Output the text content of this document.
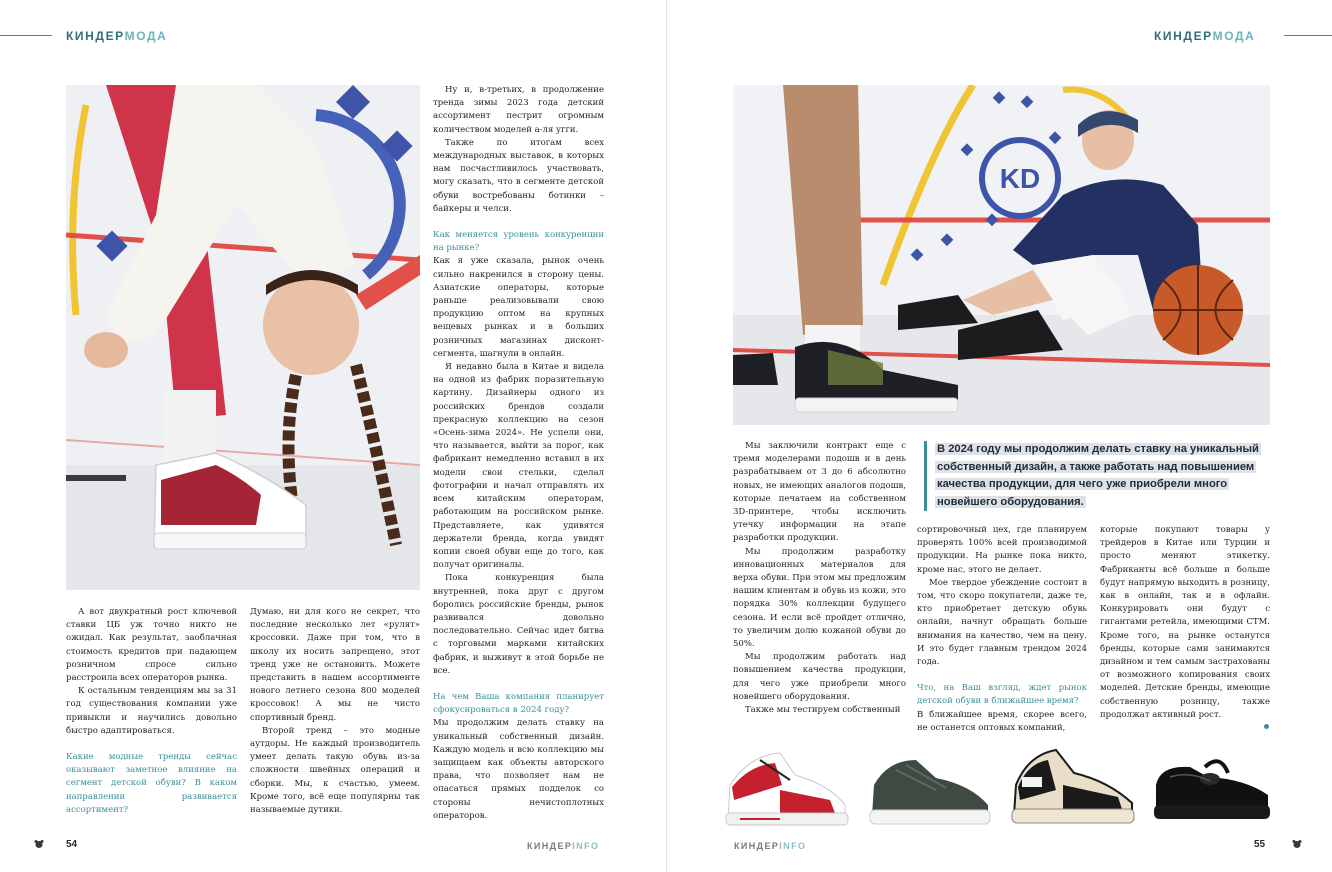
КИНДЕРМОДА

А вот двукратный рост ключевой ставки ЦБ уж точно никто не ожидал. Как результат, заоблачная стоимость кредитов при падающем розничном спросе сильно расстроила всех операторов рынка.

К остальным тенденциям мы за 31 год существования компании уже привыкли и научились довольно быстро адаптироваться.

Какие модные тренды сейчас оказывают заметное влияние на сегмент детской обуви? В каком направлении развивается ассортимент?

Думаю, ни для кого не секрет, что последние несколько лет «рулят» кроссовки. Даже при том, что в школу их носить запрещено, этот тренд уже не остановить. Можете представить в нашем ассортименте нового летнего сезона 800 моделей кроссовок! А мы не чисто спортивный бренд.

Второй тренд – это модные аутдоры. Не каждый производитель умеет делать такую обувь из-за сложности швейных операций и сборки. Мы, к счастью, умеем. Кроме того, всё еще популярны так называемые дутики.

Ну и, в-третьих, в продолжение тренда зимы 2023 года детский ассортимент пестрит огромным количеством моделей а-ля угги.

Также по итогам всех международных выставок, в которых нам посчастливилось участвовать, могу сказать, что в сегменте детской обуви востребованы ботинки – байкеры и челси.

Как меняется уровень конкуренции на рынке?

Как я уже сказала, рынок очень сильно накренился в сторону цены. Азиатские операторы, которые раньше реализовывали свою продукцию оптом на крупных вещевых рынках и в больших розничных магазинах дисконт-сегмента, шагнули в онлайн.

Я недавно была в Китае и видела на одной из фабрик поразительную картину. Дизайнеры одного из российских брендов создали прекрасную коллекцию на сезон «Осень-зима 2024». Не успели они, что называется, выйти за порог, как фабрикант немедленно вставил в их модели свои стельки, сделал фотографии и начал отправлять их всем китайским операторам, работающим на российском рынке. Представляете, как удивятся держатели бренда, когда увидят копии своей обуви еще до того, как получат оригиналы.

Пока конкуренция была внутренней, пока друг с другом боролись российские бренды, рынок развивался довольно последовательно. Сейчас идет битва с торговыми марками китайских фабрик, и выживут в этой борьбе не все.

На чем Ваша компания планирует сфокусироваться в 2024 году?

Мы продолжим делать ставку на уникальный собственный дизайн. Каждую модель и всю коллекцию мы защищаем как объекты авторского права, что позволяет нам не опасаться прямых подделок со стороны нечистоплотных операторов.

54	КИНДЕРINFO
КИНДЕРМОДА
KD
В 2024 году мы продолжим делать ставку на уникальный собственный дизайн, а также работать над повышением качества продукции, для чего уже приобрели много новейшего оборудования.

Мы заключили контракт еще с тремя моделерами подошв и в день разрабатываем от 3 до 6 абсолютно новых, не имеющих аналогов подошв, которые печатаем на собственном 3D-принтере, чтобы исключить утечку информации на этапе разработки продукции.

Мы продолжим разработку инновационных материалов для верха обуви. При этом мы предложим нашим клиентам и обувь из кожи, это порядка 30% коллекции будущего сезона. И если всё пройдет отлично, то увеличим долю кожаной обуви до 50%.

Мы продолжим работать над повышением качества продукции, для чего уже приобрели много новейшего оборудования.

Также мы тестируем собственный

сортировочный цех, где планируем проверять 100% всей производимой продукции. На рынке пока никто, кроме нас, этого не делает.

Мое твердое убеждение состоит в том, что скоро покупатели, даже те, кто приобретает детскую обувь онлайн, начнут обращать больше внимания на качество, чем на цену. И это будет главным трендом 2024 года.

Что, на Ваш взгляд, ждет рынок детской обуви в ближайшее время?

В ближайшее время, скорее всего, не останется оптовых компаний,

которые покупают товары у трейдеров в Китае или Турции и просто меняют этикетку. Фабриканты всё больше и больше будут напрямую выходить в розницу, как в онлайн, так и в офлайн. Конкурировать они будут с гигантами ретейла, имеющими СТМ. Кроме того, на рынке останутся бренды, которые сами занимаются дизайном и тем самым застрахованы от возможного копирования своих моделей. Детские бренды, имеющие собственную розницу, также продолжат активный рост.

КИНДЕРINFO	55
